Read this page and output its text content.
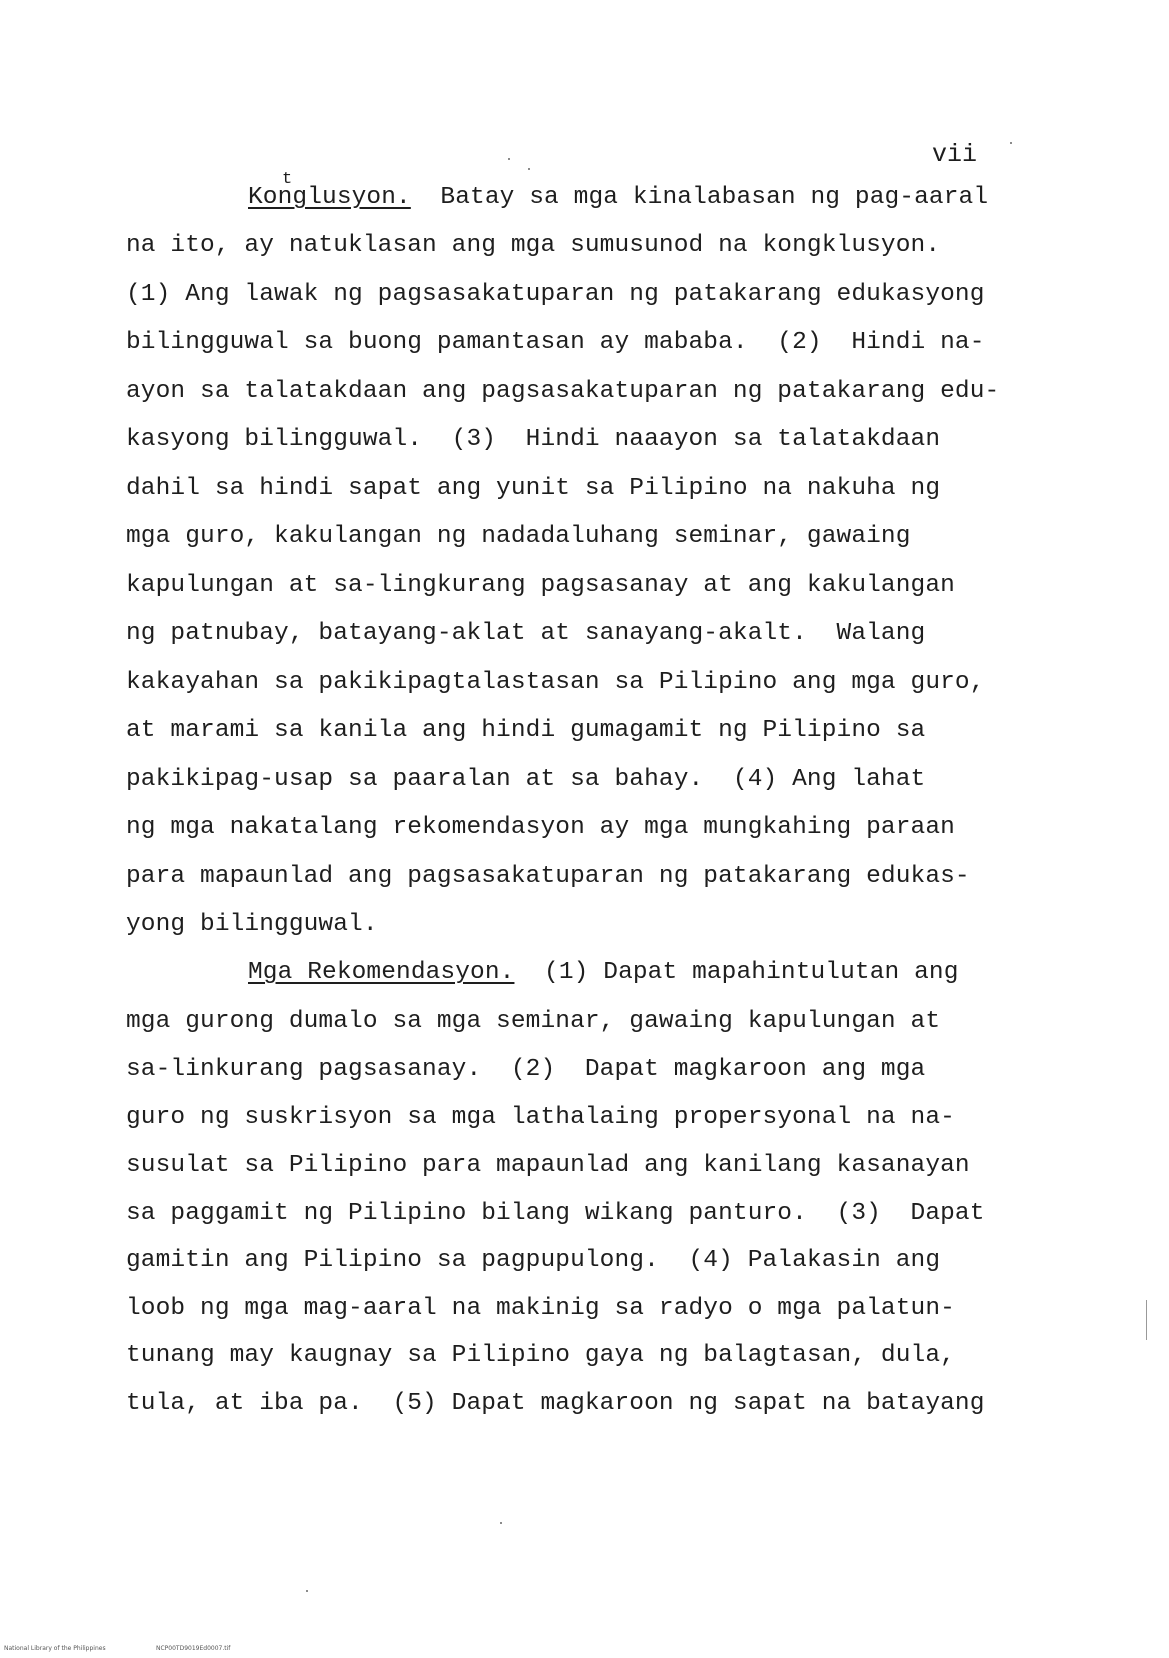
vii
t
Konglusyon.  Batay sa mga kinalabasan ng pag-aaral
na ito, ay natuklasan ang mga sumusunod na kongklusyon.
(1) Ang lawak ng pagsasakatuparan ng patakarang edukasyong
bilingguwal sa buong pamantasan ay mababa.  (2)  Hindi na-
ayon sa talatakdaan ang pagsasakatuparan ng patakarang edu-
kasyong bilingguwal.  (3)  Hindi naaayon sa talatakdaan
dahil sa hindi sapat ang yunit sa Pilipino na nakuha ng
mga guro, kakulangan ng nadadaluhang seminar, gawaing
kapulungan at sa-lingkurang pagsasanay at ang kakulangan
ng patnubay, batayang-aklat at sanayang-akalt.  Walang
kakayahan sa pakikipagtalastasan sa Pilipino ang mga guro,
at marami sa kanila ang hindi gumagamit ng Pilipino sa
pakikipag-usap sa paaralan at sa bahay.  (4) Ang lahat
ng mga nakatalang rekomendasyon ay mga mungkahing paraan
para mapaunlad ang pagsasakatuparan ng patakarang edukas-
yong bilingguwal.
Mga Rekomendasyon.  (1) Dapat mapahintulutan ang
mga gurong dumalo sa mga seminar, gawaing kapulungan at
sa-linkurang pagsasanay.  (2)  Dapat magkaroon ang mga
guro ng suskrisyon sa mga lathalaing propersyonal na na-
susulat sa Pilipino para mapaunlad ang kanilang kasanayan
sa paggamit ng Pilipino bilang wikang panturo.  (3)  Dapat
gamitin ang Pilipino sa pagpupulong.  (4) Palakasin ang
loob ng mga mag-aaral na makinig sa radyo o mga palatun-
tunang may kaugnay sa Pilipino gaya ng balagtasan, dula,
tula, at iba pa.  (5) Dapat magkaroon ng sapat na batayang
National Library of the Philippines	NCP00TD9019Ed0007.tif
